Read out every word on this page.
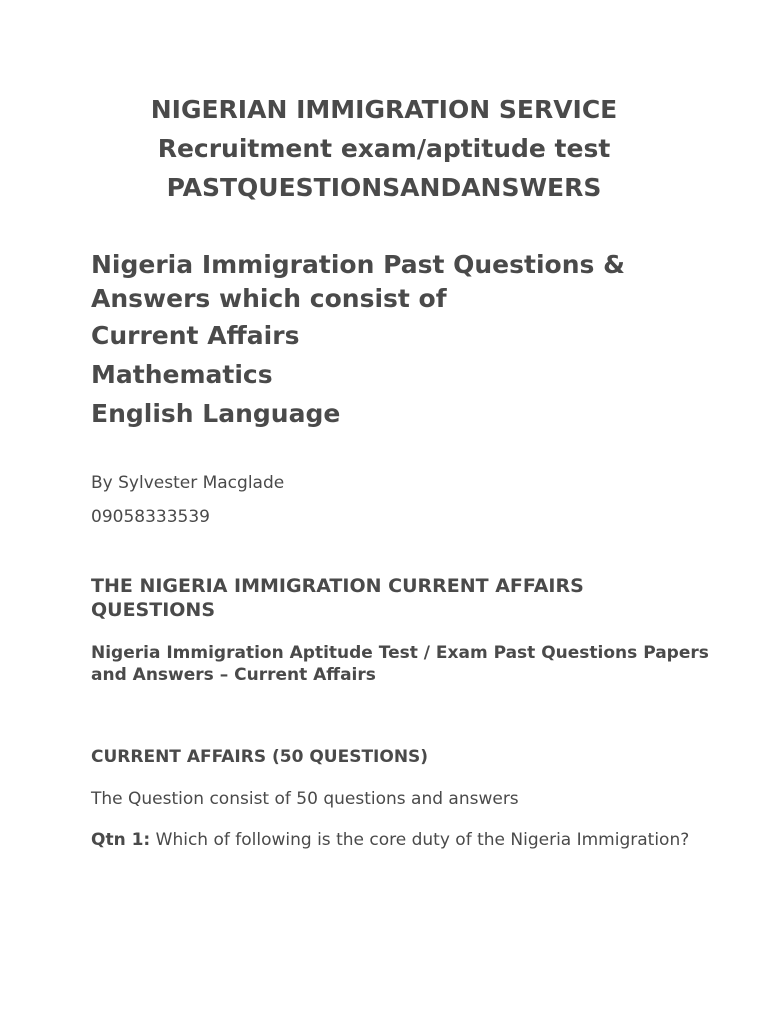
NIGERIAN IMMIGRATION SERVICE
Recruitment exam/aptitude test
PASTQUESTIONSANDANSWERS
Nigeria Immigration Past Questions & Answers which consist of
Current Affairs
Mathematics
English Language
By Sylvester Macglade
09058333539
THE NIGERIA IMMIGRATION CURRENT AFFAIRS QUESTIONS
Nigeria Immigration Aptitude Test / Exam Past Questions Papers and Answers – Current Affairs
CURRENT AFFAIRS (50 QUESTIONS)
The Question consist of 50 questions and answers
Qtn 1: Which of following is the core duty of the Nigeria Immigration?
